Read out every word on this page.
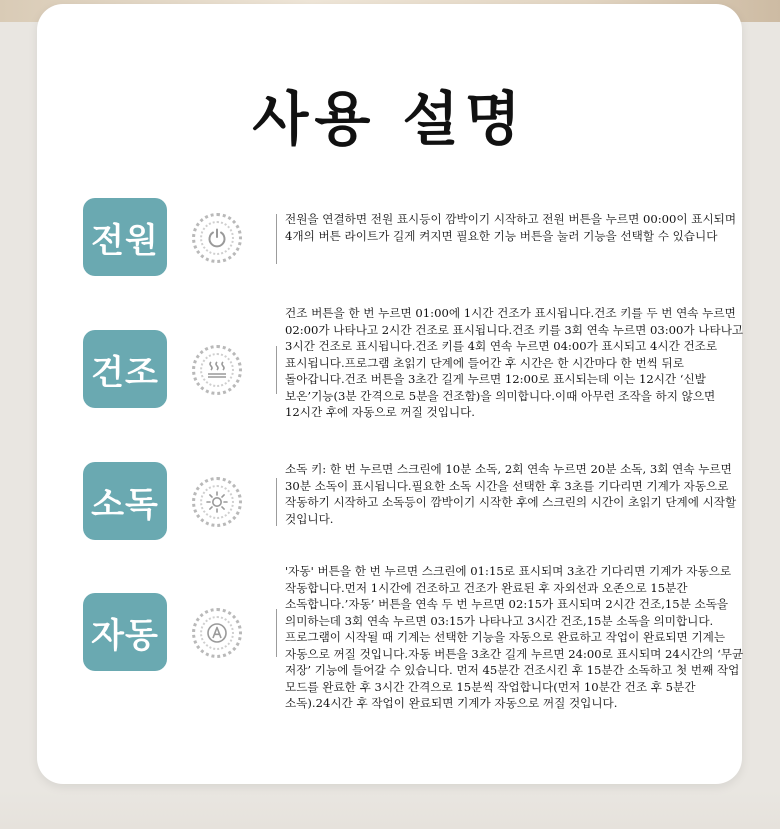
사용 설명
전원

전원을 연결하면 전원 표시등이 깜박이기 시작하고 전원 버튼을 누르면 00:00이 표시되며 4개의 버튼 라이트가 길게 켜지면 필요한 기능 버튼을 눌러 기능을 선택할 수 있습니다

건조

건조 버튼을 한 번 누르면 01:00에 1시간 건조가 표시됩니다.건조 키를 두 번 연속 누르면 02:00가 나타나고 2시간 건조로 표시됩니다.건조 키를 3회 연속 누르면 03:00가 나타나고 3시간 건조로 표시됩니다.건조 키를 4회 연속 누르면 04:00가 표시되고 4시간 건조로 표시됩니다.프로그램 초읽기 단계에 들어간 후 시간은 한 시간마다 한 번씩 뒤로 돌아갑니다.건조 버튼을 3초간 길게 누르면 12:00로 표시되는데 이는 12시간 ‘신발 보온’기능(3분 간격으로 5분을 건조함)을 의미합니다.이때 아무런 조작을 하지 않으면 12시간 후에 자동으로 꺼질 것입니다.

소독

소독 키: 한 번 누르면 스크린에 10분 소독, 2회 연속 누르면 20분 소독, 3회 연속 누르면 30분 소독이 표시됩니다.필요한 소독 시간을 선택한 후 3초를 기다리면 기계가 자동으로 작동하기 시작하고 소독등이 깜박이기 시작한 후에 스크린의 시간이 초읽기 단계에 시작할 것입니다.

자동

'자동' 버튼을 한 번 누르면 스크린에 01:15로 표시되며 3초간 기다리면 기계가 자동으로 작동합니다.먼저 1시간에 건조하고 건조가 완료된 후 자외선과 오존으로 15분간 소독합니다.’자동’ 버튼을 연속 두 번 누르면 02:15가 표시되며 2시간 건조,15분 소독을 의미하는데 3회 연속 누르면 03:15가 나타나고 3시간 건조,15분 소독을 의미합니다. 프로그램이 시작될 때 기계는 선택한 기능을 자동으로 완료하고 작업이 완료되면 기계는 자동으로 꺼질 것입니다.자동 버튼을 3초간 길게 누르면 24:00로 표시되며 24시간의 ‘무균 저장’ 기능에 들어갈 수 있습니다. 먼저 45분간 건조시킨 후 15분간 소독하고 첫 번째 작업 모드를 완료한 후 3시간 간격으로 15분씩 작업합니다(먼저 10분간 건조 후 5분간 소독).24시간 후 작업이 완료되면 기계가 자동으로 꺼질 것입니다.
